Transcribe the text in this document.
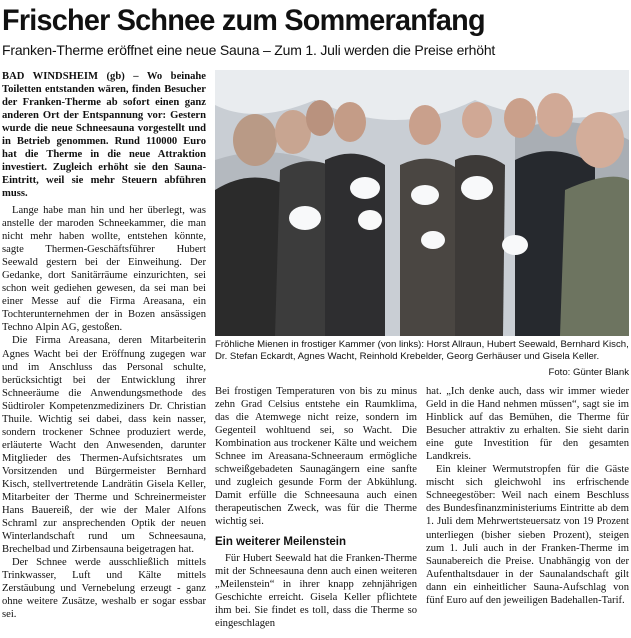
Frischer Schnee zum Sommeranfang
Franken-Therme eröffnet eine neue Sauna – Zum 1. Juli werden die Preise erhöht

BAD WINDSHEIM (gb) – Wo beinahe Toiletten entstanden wären, finden Besucher der Franken-Therme ab sofort einen ganz anderen Ort der Entspannung vor: Gestern wurde die neue Schneesauna vorgestellt und in Betrieb genommen. Rund 110000 Euro hat die Therme in die neue Attraktion investiert. Zugleich erhöht sie den Sauna-Eintritt, weil sie mehr Steuern abführen muss.

Lange habe man hin und her überlegt, was anstelle der maroden Schneekammer, die man nicht mehr haben wollte, entstehen könnte, sagte Thermen-Geschäftsführer Hubert Seewald gestern bei der Einweihung. Der Gedanke, dort Sanitärräume einzurichten, sei schon weit gediehen gewesen, da sei man bei einer Messe auf die Firma Areasana, ein Tochterunternehmen der in Bozen ansässigen Techno Alpin AG, gestoßen.

Die Firma Areasana, deren Mitarbeiterin Agnes Wacht bei der Eröffnung zugegen war und im Anschluss das Personal schulte, berücksichtigt bei der Entwicklung ihrer Schneeräume die Anwendungsmethode des Südtiroler Kompetenzmediziners Dr. Christian Thuile. Wichtig sei dabei, dass kein nasser, sondern trockener Schnee produziert werde, erläuterte Wacht den Anwesenden, darunter Mitglieder des Thermen-Aufsichtsrates um Vorsitzenden und Bürgermeister Bernhard Kisch, stellvertretende Landrätin Gisela Keller, Mitarbeiter der Therme und Schreinermeister Hans Bauereiß, der wie der Maler Alfons Schraml zur ansprechenden Optik der neuen Winterlandschaft rund um Schneesauna, Brechelbad und Zirbensauna beigetragen hat.

Der Schnee werde ausschließlich mittels Trinkwasser, Luft und Kälte mittels Zerstäubung und Vernebelung erzeugt - ganz ohne weitere Zusätze, weshalb er sogar essbar sei.

Fröhliche Mienen in frostiger Kammer (von links): Horst Allraun, Hubert Seewald, Bernhard Kisch, Dr. Stefan Eckardt, Agnes Wacht, Reinhold Krebelder, Georg Gerhäuser und Gisela Keller.
Foto: Günter Blank

Bei frostigen Temperaturen von bis zu minus zehn Grad Celsius entstehe ein Raumklima, das die Atemwege nicht reize, sondern im Gegenteil wohltuend sei, so Wacht. Die Kombination aus trockener Kälte und weichem Schnee im Areasana-Schneeraum ermögliche schweißgebadeten Saunagängern eine sanfte und zugleich gesunde Form der Abkühlung. Damit erfülle die Schneesauna auch einen therapeutischen Zweck, was für die Therme wichtig sei.

Ein weiterer Meilenstein

Für Hubert Seewald hat die Franken-Therme mit der Schneesauna denn auch einen weiteren „Meilenstein“ in ihrer knapp zehnjährigen Geschichte erreicht. Gisela Keller pflichtete ihm bei. Sie findet es toll, dass die Therme so eingeschlagen

hat. „Ich denke auch, dass wir immer wieder Geld in die Hand nehmen müssen“, sagt sie im Hinblick auf das Bemühen, die Therme für Besucher attraktiv zu erhalten. Sie sieht darin eine gute Investition für den gesamten Landkreis.

Ein kleiner Wermutstropfen für die Gäste mischt sich gleichwohl ins erfrischende Schneegestöber: Weil nach einem Beschluss des Bundesfinanzministeriums Eintritte ab dem 1. Juli dem Mehrwertsteuersatz von 19 Prozent unterliegen (bisher sieben Prozent), steigen zum 1. Juli auch in der Franken-Therme im Saunabereich die Preise. Unabhängig von der Aufenthaltsdauer in der Saunalandschaft gilt dann ein einheitlicher Sauna-Aufschlag von fünf Euro auf den jeweiligen Badehallen-Tarif.
